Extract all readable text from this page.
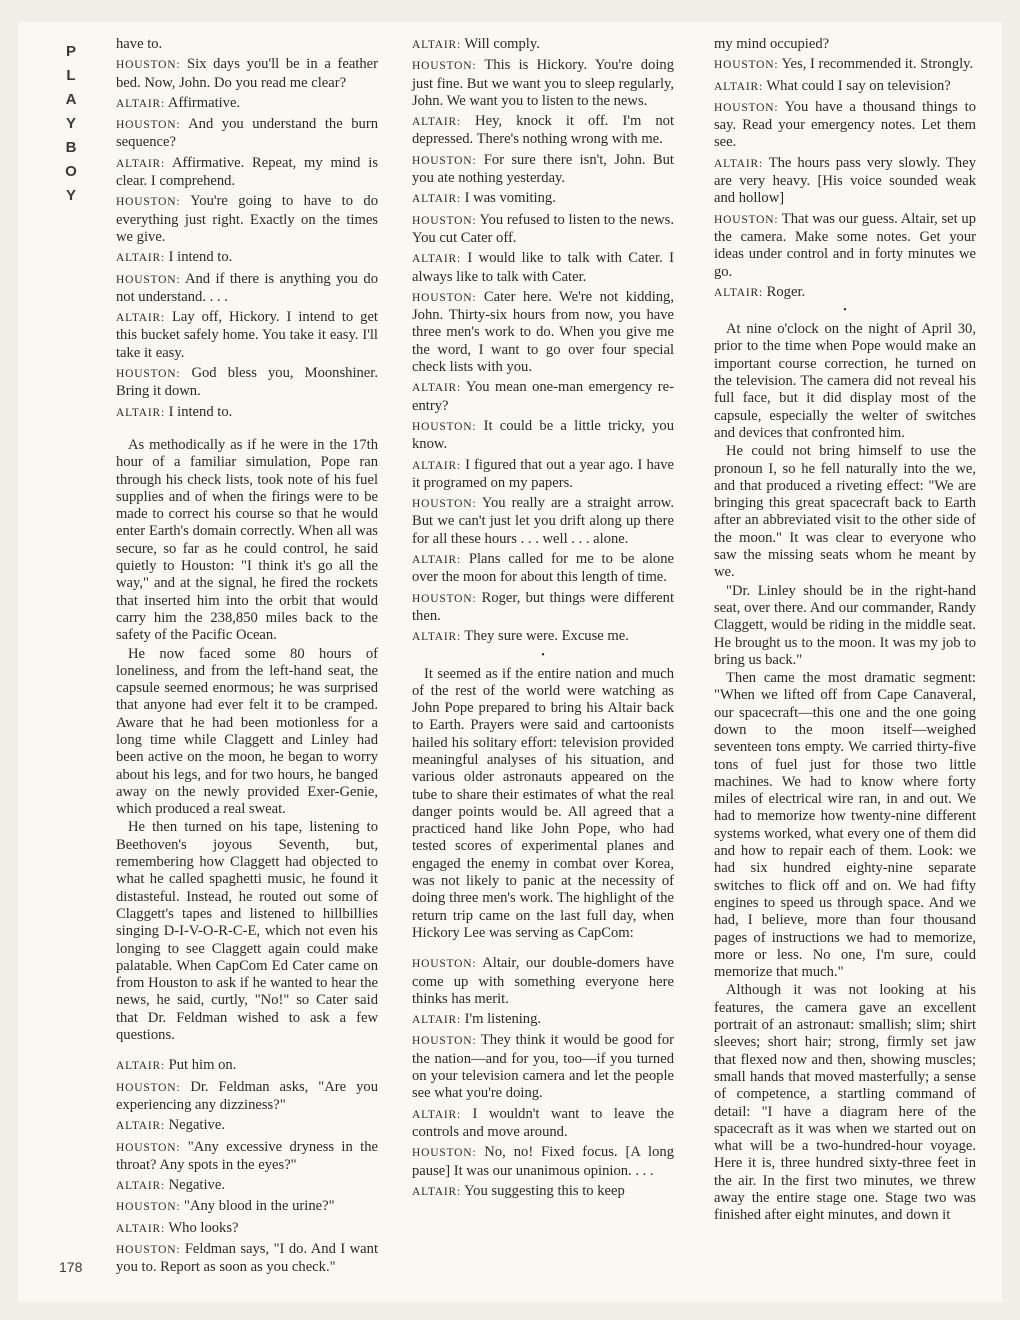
P
L
A
Y
B
O
Y
178

have to.

HOUSTON: Six days you'll be in a feather bed. Now, John. Do you read me clear?

ALTAIR: Affirmative.

HOUSTON: And you understand the burn sequence?

ALTAIR: Affirmative. Repeat, my mind is clear. I comprehend.

HOUSTON: You're going to have to do everything just right. Exactly on the times we give.

ALTAIR: I intend to.

HOUSTON: And if there is anything you do not understand. . . .

ALTAIR: Lay off, Hickory. I intend to get this bucket safely home. You take it easy. I'll take it easy.

HOUSTON: God bless you, Moonshiner. Bring it down.

ALTAIR: I intend to.

As methodically as if he were in the 17th hour of a familiar simulation, Pope ran through his check lists, took note of his fuel supplies and of when the firings were to be made to correct his course so that he would enter Earth's domain correctly. When all was secure, so far as he could control, he said quietly to Houston: "I think it's go all the way," and at the signal, he fired the rockets that inserted him into the orbit that would carry him the 238,850 miles back to the safety of the Pacific Ocean.

He now faced some 80 hours of loneliness, and from the left-hand seat, the capsule seemed enormous; he was surprised that anyone had ever felt it to be cramped. Aware that he had been motionless for a long time while Claggett and Linley had been active on the moon, he began to worry about his legs, and for two hours, he banged away on the newly provided Exer-Genie, which produced a real sweat.

He then turned on his tape, listening to Beethoven's joyous Seventh, but, remembering how Claggett had objected to what he called spaghetti music, he found it distasteful. Instead, he routed out some of Claggett's tapes and listened to hillbillies singing D-I-V-O-R-C-E, which not even his longing to see Claggett again could make palatable. When CapCom Ed Cater came on from Houston to ask if he wanted to hear the news, he said, curtly, "No!" so Cater said that Dr. Feldman wished to ask a few questions.

ALTAIR: Put him on.

HOUSTON: Dr. Feldman asks, "Are you experiencing any dizziness?"

ALTAIR: Negative.

HOUSTON: "Any excessive dryness in the throat? Any spots in the eyes?"

ALTAIR: Negative.

HOUSTON: "Any blood in the urine?"

ALTAIR: Who looks?

HOUSTON: Feldman says, "I do. And I want you to. Report as soon as you check."

ALTAIR: Will comply.

HOUSTON: This is Hickory. You're doing just fine. But we want you to sleep regularly, John. We want you to listen to the news.

ALTAIR: Hey, knock it off. I'm not depressed. There's nothing wrong with me.

HOUSTON: For sure there isn't, John. But you ate nothing yesterday.

ALTAIR: I was vomiting.

HOUSTON: You refused to listen to the news. You cut Cater off.

ALTAIR: I would like to talk with Cater. I always like to talk with Cater.

HOUSTON: Cater here. We're not kidding, John. Thirty-six hours from now, you have three men's work to do. When you give me the word, I want to go over four special check lists with you.

ALTAIR: You mean one-man emergency re-entry?

HOUSTON: It could be a little tricky, you know.

ALTAIR: I figured that out a year ago. I have it programed on my papers.

HOUSTON: You really are a straight arrow. But we can't just let you drift along up there for all these hours . . . well . . . alone.

ALTAIR: Plans called for me to be alone over the moon for about this length of time.

HOUSTON: Roger, but things were different then.

ALTAIR: They sure were. Excuse me.

•

It seemed as if the entire nation and much of the rest of the world were watching as John Pope prepared to bring his Altair back to Earth. Prayers were said and cartoonists hailed his solitary effort: television provided meaningful analyses of his situation, and various older astronauts appeared on the tube to share their estimates of what the real danger points would be. All agreed that a practiced hand like John Pope, who had tested scores of experimental planes and engaged the enemy in combat over Korea, was not likely to panic at the necessity of doing three men's work. The highlight of the return trip came on the last full day, when Hickory Lee was serving as CapCom:

HOUSTON: Altair, our double-domers have come up with something everyone here thinks has merit.

ALTAIR: I'm listening.

HOUSTON: They think it would be good for the nation—and for you, too—if you turned on your television camera and let the people see what you're doing.

ALTAIR: I wouldn't want to leave the controls and move around.

HOUSTON: No, no! Fixed focus. [A long pause] It was our unanimous opinion. . . .

ALTAIR: You suggesting this to keep

my mind occupied?

HOUSTON: Yes, I recommended it. Strongly.

ALTAIR: What could I say on television?

HOUSTON: You have a thousand things to say. Read your emergency notes. Let them see.

ALTAIR: The hours pass very slowly. They are very heavy. [His voice sounded weak and hollow]

HOUSTON: That was our guess. Altair, set up the camera. Make some notes. Get your ideas under control and in forty minutes we go.

ALTAIR: Roger.

•

At nine o'clock on the night of April 30, prior to the time when Pope would make an important course correction, he turned on the television. The camera did not reveal his full face, but it did display most of the capsule, especially the welter of switches and devices that confronted him.

He could not bring himself to use the pronoun I, so he fell naturally into the we, and that produced a riveting effect: "We are bringing this great spacecraft back to Earth after an abbreviated visit to the other side of the moon." It was clear to everyone who saw the missing seats whom he meant by we.

"Dr. Linley should be in the right-hand seat, over there. And our commander, Randy Claggett, would be riding in the middle seat. He brought us to the moon. It was my job to bring us back."

Then came the most dramatic segment: "When we lifted off from Cape Canaveral, our spacecraft—this one and the one going down to the moon itself—weighed seventeen tons empty. We carried thirty-five tons of fuel just for those two little machines. We had to know where forty miles of electrical wire ran, in and out. We had to memorize how twenty-nine different systems worked, what every one of them did and how to repair each of them. Look: we had six hundred eighty-nine separate switches to flick off and on. We had fifty engines to speed us through space. And we had, I believe, more than four thousand pages of instructions we had to memorize, more or less. No one, I'm sure, could memorize that much."

Although it was not looking at his features, the camera gave an excellent portrait of an astronaut: smallish; slim; shirt sleeves; short hair; strong, firmly set jaw that flexed now and then, showing muscles; small hands that moved masterfully; a sense of competence, a startling command of detail: "I have a diagram here of the spacecraft as it was when we started out on what will be a two-hundred-hour voyage. Here it is, three hundred sixty-three feet in the air. In the first two minutes, we threw away the entire stage one. Stage two was finished after eight minutes, and down it
